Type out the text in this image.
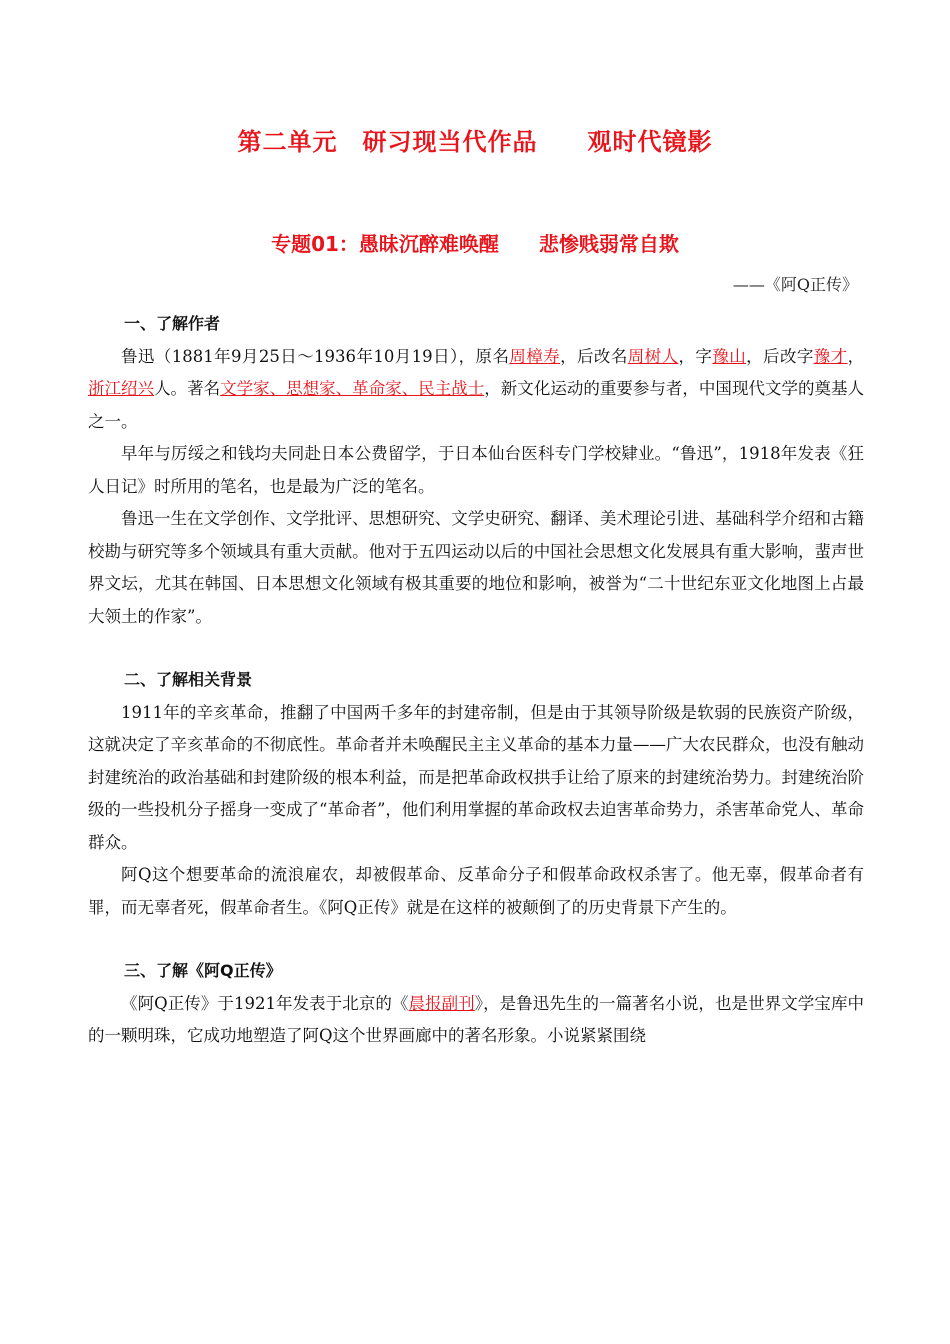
第二单元　研习现当代作品　　观时代镜影
专题01：愚昧沉醉难唤醒　　悲惨贱弱常自欺
——《阿Q正传》

一、了解作者

鲁迅（1881年9月25日～1936年10月19日），原名周樟寿，后改名周树人，字豫山，后改字豫才，浙江绍兴人。著名文学家、思想家、革命家、民主战士，新文化运动的重要参与者，中国现代文学的奠基人之一。

早年与厉绥之和钱均夫同赴日本公费留学，于日本仙台医科专门学校肄业。“鲁迅”，1918年发表《狂人日记》时所用的笔名，也是最为广泛的笔名。

鲁迅一生在文学创作、文学批评、思想研究、文学史研究、翻译、美术理论引进、基础科学介绍和古籍校勘与研究等多个领域具有重大贡献。他对于五四运动以后的中国社会思想文化发展具有重大影响，蜚声世界文坛，尤其在韩国、日本思想文化领域有极其重要的地位和影响，被誉为“二十世纪东亚文化地图上占最大领土的作家”。

二、了解相关背景

1911年的辛亥革命，推翻了中国两千多年的封建帝制，但是由于其领导阶级是软弱的民族资产阶级，这就决定了辛亥革命的不彻底性。革命者并未唤醒民主主义革命的基本力量——广大农民群众，也没有触动封建统治的政治基础和封建阶级的根本利益，而是把革命政权拱手让给了原来的封建统治势力。封建统治阶级的一些投机分子摇身一变成了“革命者”，他们利用掌握的革命政权去迫害革命势力，杀害革命党人、革命群众。

阿Q这个想要革命的流浪雇农，却被假革命、反革命分子和假革命政权杀害了。他无辜，假革命者有罪，而无辜者死，假革命者生。《阿Q正传》就是在这样的被颠倒了的历史背景下产生的。

三、了解《阿Q正传》

《阿Q正传》于1921年发表于北京的《晨报副刊》，是鲁迅先生的一篇著名小说，也是世界文学宝库中的一颗明珠，它成功地塑造了阿Q这个世界画廊中的著名形象。小说紧紧围绕
